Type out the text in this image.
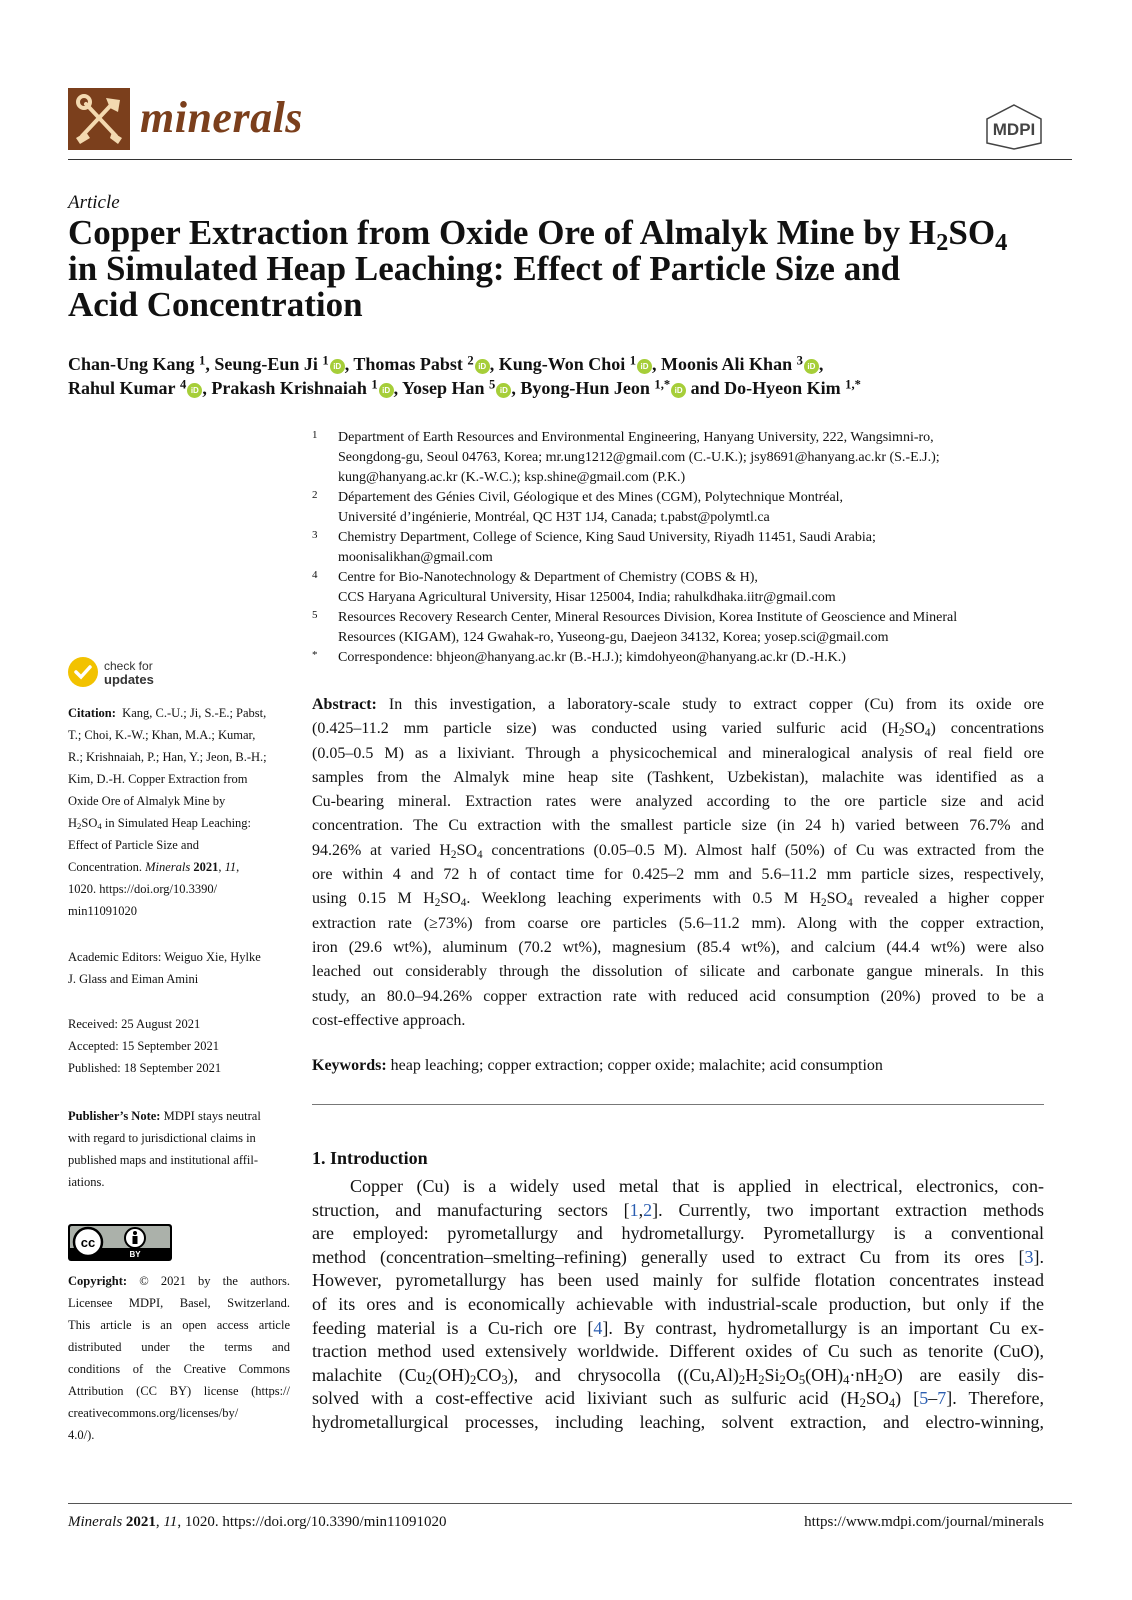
minerals	MDPI
Article
Copper Extraction from Oxide Ore of Almalyk Mine by $H_2SO_4$
in Simulated Heap Leaching: Effect of Particle Size and
Acid Concentration
Chan-Ung Kang $^1$, Seung-Eun Ji $^1$ iD , Thomas Pabst $^2$ iD , Kung-Won Choi $^1$ iD , Moonis Ali Khan $^3$ iD ,
Rahul Kumar $^4$ iD , Prakash Krishnaiah $^1$ iD , Yosep Han $^5$ iD , Byong-Hun Jeon $^{1,*}$ iD and Do-Hyeon Kim $^{1,*}$
1 Department of Earth Resources and Environmental Engineering, Hanyang University, 222, Wangsimni-ro,
Seongdong-gu, Seoul 04763, Korea; mr.ung1212@gmail.com (C.-U.K.); jsy8691@hanyang.ac.kr (S.-E.J.);
kung@hanyang.ac.kr (K.-W.C.); ksp.shine@gmail.com (P.K.)
2 Département des Génies Civil, Géologique et des Mines (CGM), Polytechnique Montréal,
Université d’ingénierie, Montréal, QC H3T 1J4, Canada; t.pabst@polymtl.ca
3 Chemistry Department, College of Science, King Saud University, Riyadh 11451, Saudi Arabia;
moonisalikhan@gmail.com
4 Centre for Bio-Nanotechnology & Department of Chemistry (COBS & H),
CCS Haryana Agricultural University, Hisar 125004, India; rahulkdhaka.iitr@gmail.com
5 Resources Recovery Research Center, Mineral Resources Division, Korea Institute of Geoscience and Mineral
Resources (KIGAM), 124 Gwahak-ro, Yuseong-gu, Daejeon 34132, Korea; yosep.sci@gmail.com
* Correspondence: bhjeon@hanyang.ac.kr (B.-H.J.); kimdohyeon@hanyang.ac.kr (D.-H.K.)
check for
updates
Citation: Kang, C.-U.; Ji, S.-E.; Pabst,
T.; Choi, K.-W.; Khan, M.A.; Kumar,
R.; Krishnaiah, P.; Han, Y.; Jeon, B.-H.;
Kim, D.-H. Copper Extraction from
Oxide Ore of Almalyk Mine by
$H_2SO_4$ in Simulated Heap Leaching:
Effect of Particle Size and
Concentration. Minerals 2021, 11,
1020. https://doi.org/10.3390/
min11091020
Academic Editors: Weiguo Xie, Hylke
J. Glass and Eiman Amini
Received: 25 August 2021
Accepted: 15 September 2021
Published: 18 September 2021
Publisher’s Note: MDPI stays neutral
with regard to jurisdictional claims in
published maps and institutional affil-
iations.
cc
BY
Copyright: © 2021 by the authors.
Licensee MDPI, Basel, Switzerland.
This article is an open access article
distributed under the terms and
conditions of the Creative Commons
Attribution (CC BY) license (https://
creativecommons.org/licenses/by/
4.0/).
Abstract: In this investigation, a laboratory-scale study to extract copper (Cu) from its oxide ore
(0.425–11.2 mm particle size) was conducted using varied sulfuric acid $(H_2SO_4)$ concentrations
(0.05–0.5 M) as a lixiviant. Through a physicochemical and mineralogical analysis of real field ore
samples from the Almalyk mine heap site (Tashkent, Uzbekistan), malachite was identified as a
Cu-bearing mineral. Extraction rates were analyzed according to the ore particle size and acid
concentration. The Cu extraction with the smallest particle size (in 24 h) varied between 76.7% and
94.26% at varied $H_2SO_4$ concentrations (0.05–0.5 M). Almost half (50%) of Cu was extracted from the
ore within 4 and 72 h of contact time for 0.425–2 mm and 5.6–11.2 mm particle sizes, respectively,
using 0.15 M $H_2SO_4$. Weeklong leaching experiments with 0.5 M $H_2SO_4$ revealed a higher copper
extraction rate (≥73%) from coarse ore particles (5.6–11.2 mm). Along with the copper extraction,
iron (29.6 wt%), aluminum (70.2 wt%), magnesium (85.4 wt%), and calcium (44.4 wt%) were also
leached out considerably through the dissolution of silicate and carbonate gangue minerals. In this
study, an 80.0–94.26% copper extraction rate with reduced acid consumption (20%) proved to be a
cost-effective approach.
Keywords: heap leaching; copper extraction; copper oxide; malachite; acid consumption
1. Introduction
Copper (Cu) is a widely used metal that is applied in electrical, electronics, con-
struction, and manufacturing sectors [1,2]. Currently, two important extraction methods
are employed: pyrometallurgy and hydrometallurgy. Pyrometallurgy is a conventional
method (concentration–smelting–refining) generally used to extract Cu from its ores [3].
However, pyrometallurgy has been used mainly for sulfide flotation concentrates instead
of its ores and is economically achievable with industrial-scale production, but only if the
feeding material is a Cu-rich ore [4]. By contrast, hydrometallurgy is an important Cu ex-
traction method used extensively worldwide. Different oxides of Cu such as tenorite (CuO),
malachite $(Cu_2(OH)_2CO_3)$, and chrysocolla $((Cu,Al)_2H_2Si_2O_5(OH)_4\cdot nH_2O)$ are easily dis-
solved with a cost-effective acid lixiviant such as sulfuric acid $(H_2SO_4)$ [5–7]. Therefore,
hydrometallurgical processes, including leaching, solvent extraction, and electro-winning,
Minerals 2021, 11, 1020. https://doi.org/10.3390/min11091020	https://www.mdpi.com/journal/minerals
